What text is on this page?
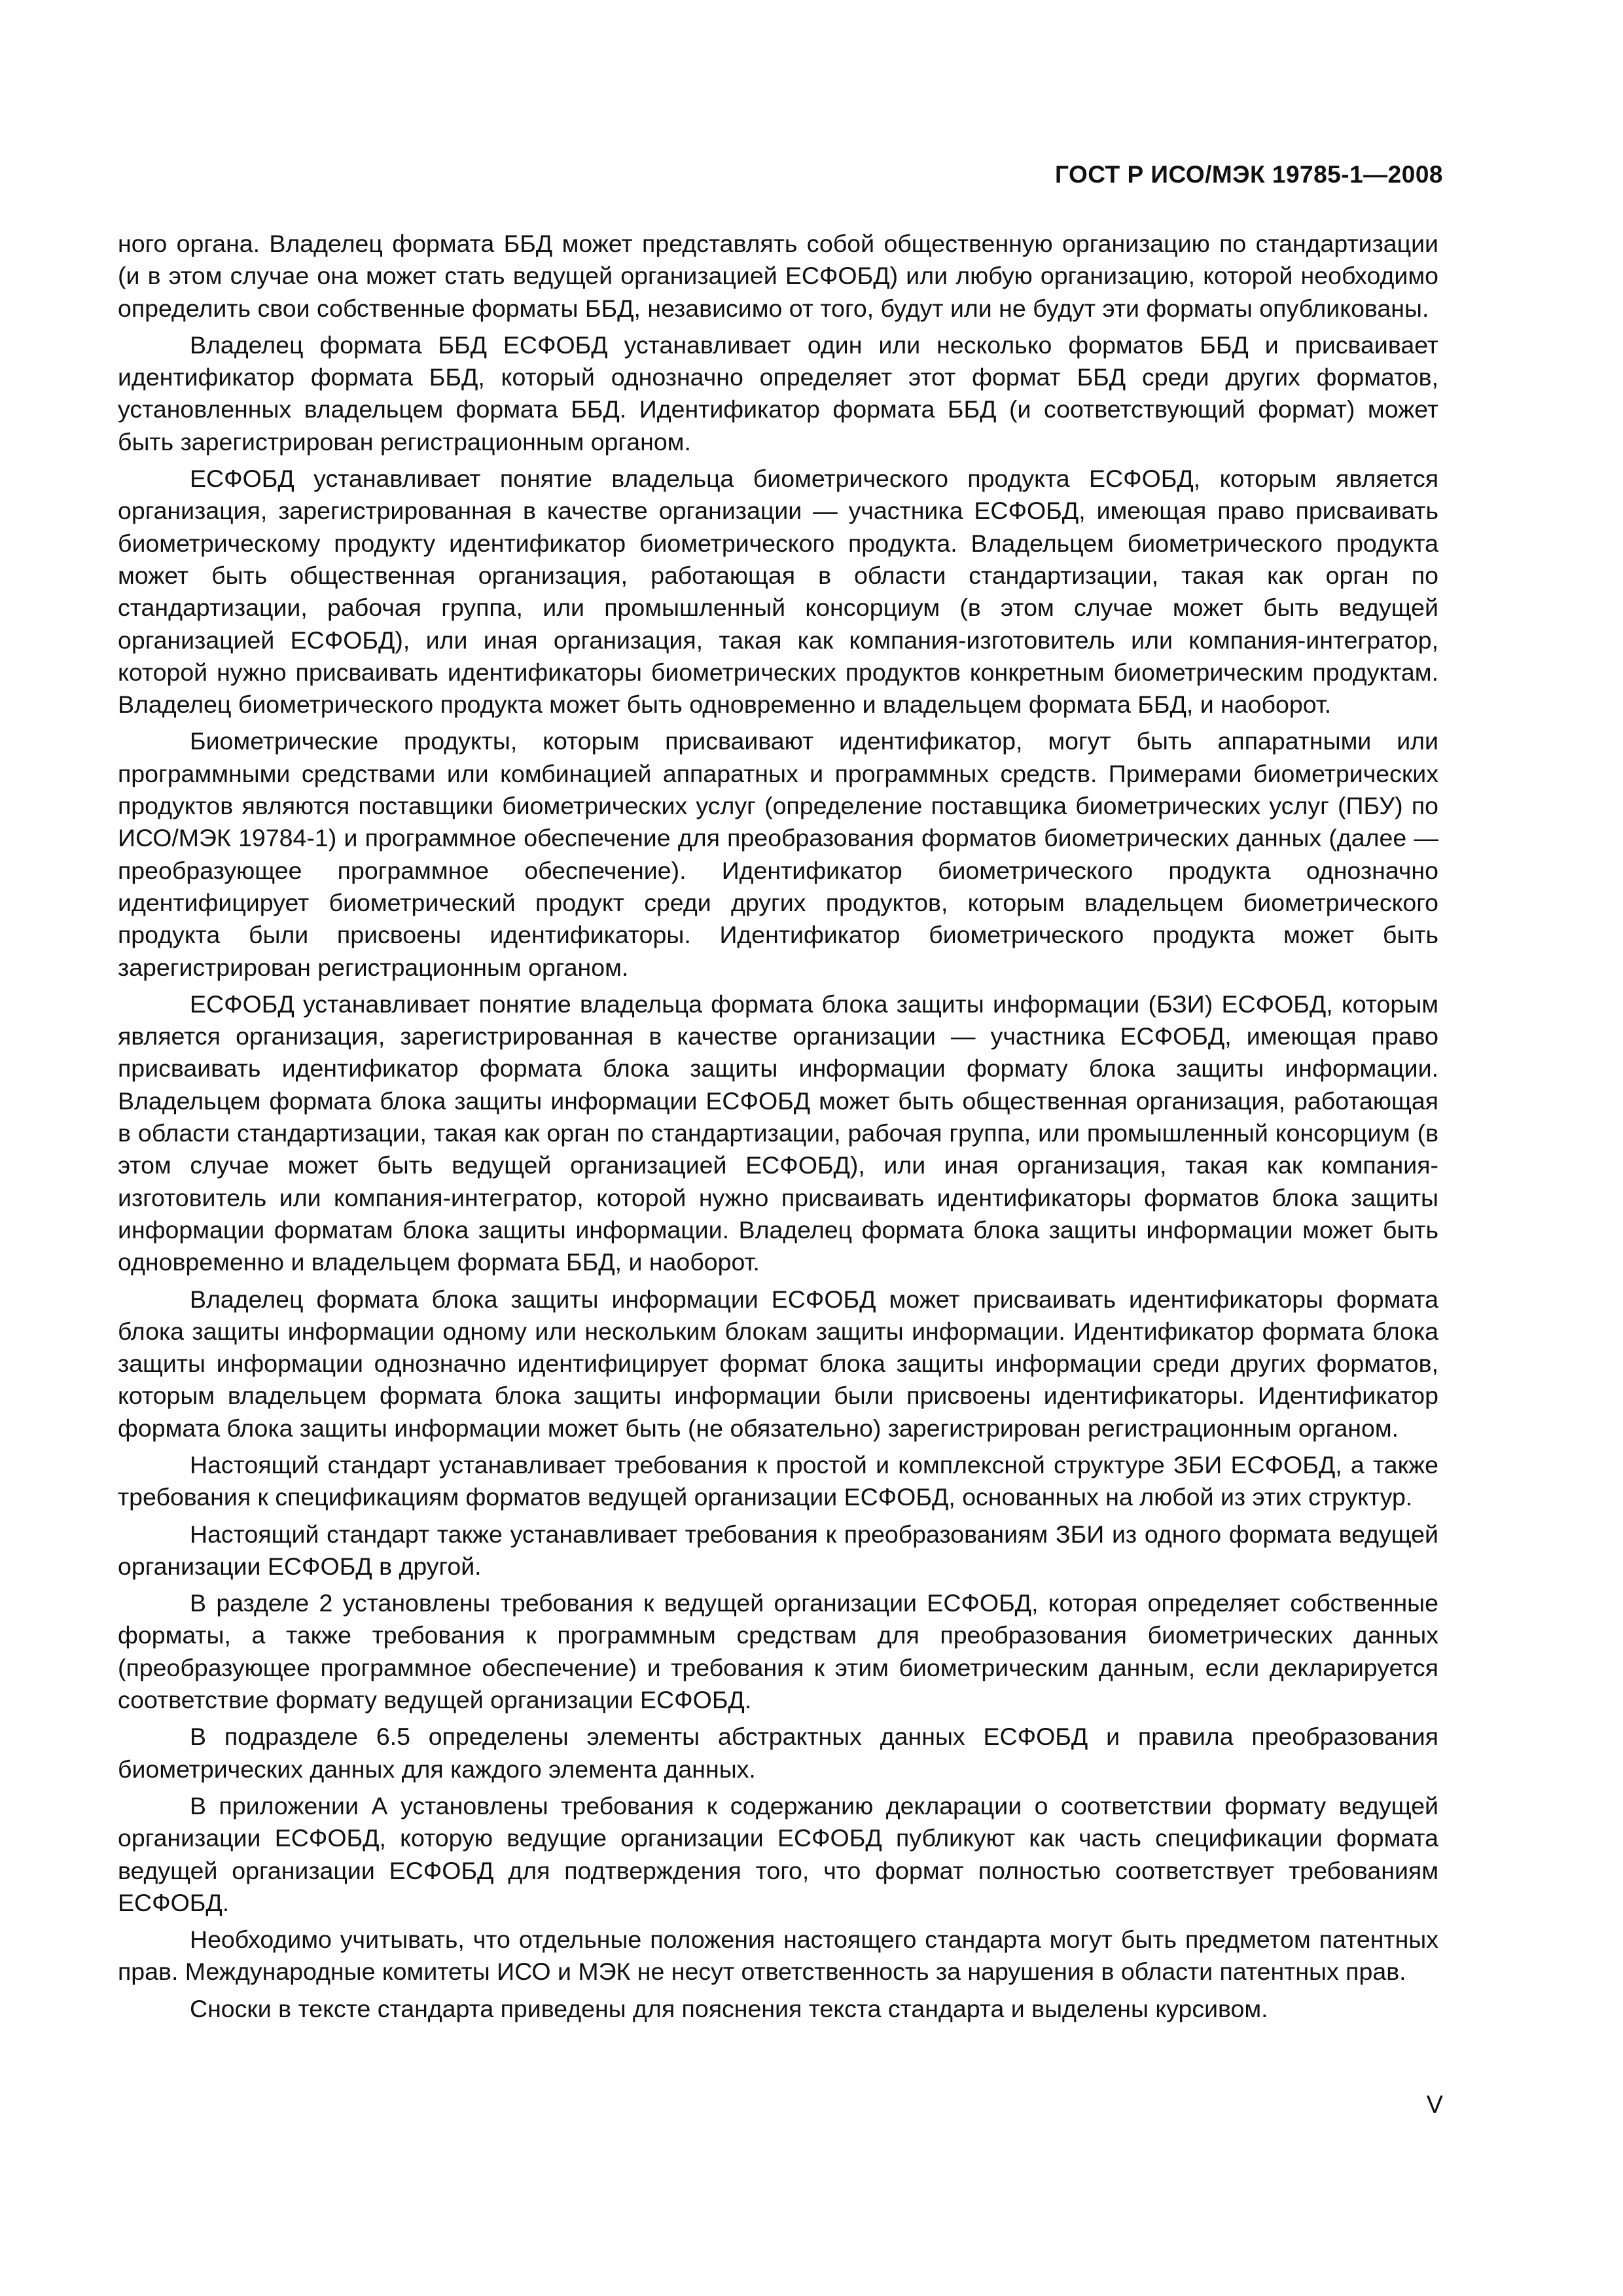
ГОСТ Р ИСО/МЭК 19785-1—2008

ного органа. Владелец формата ББД может представлять собой общественную организацию по стандартизации (и в этом случае она может стать ведущей организацией ЕСФОБД) или любую организацию, которой необходимо определить свои собственные форматы ББД, независимо от того, будут или не будут эти форматы опубликованы.

Владелец формата ББД ЕСФОБД устанавливает один или несколько форматов ББД и присваивает идентификатор формата ББД, который однозначно определяет этот формат ББД среди других форматов, установленных владельцем формата ББД. Идентификатор формата ББД (и соответствующий формат) может быть зарегистрирован регистрационным органом.

ЕСФОБД устанавливает понятие владельца биометрического продукта ЕСФОБД, которым является организация, зарегистрированная в качестве организации — участника ЕСФОБД, имеющая право присваивать биометрическому продукту идентификатор биометрического продукта. Владельцем биометрического продукта может быть общественная организация, работающая в области стандартизации, такая как орган по стандартизации, рабочая группа, или промышленный консорциум (в этом случае может быть ведущей организацией ЕСФОБД), или иная организация, такая как компания-изготовитель или компания-интегратор, которой нужно присваивать идентификаторы биометрических продуктов конкретным биометрическим продуктам. Владелец биометрического продукта может быть одновременно и владельцем формата ББД, и наоборот.

Биометрические продукты, которым присваивают идентификатор, могут быть аппаратными или программными средствами или комбинацией аппаратных и программных средств. Примерами биометрических продуктов являются поставщики биометрических услуг (определение поставщика биометрических услуг (ПБУ) по ИСО/МЭК 19784-1) и программное обеспечение для преобразования форматов биометрических данных (далее — преобразующее программное обеспечение). Идентификатор биометрического продукта однозначно идентифицирует биометрический продукт среди других продуктов, которым владельцем биометрического продукта были присвоены идентификаторы. Идентификатор биометрического продукта может быть зарегистрирован регистрационным органом.

ЕСФОБД устанавливает понятие владельца формата блока защиты информации (БЗИ) ЕСФОБД, которым является организация, зарегистрированная в качестве организации — участника ЕСФОБД, имеющая право присваивать идентификатор формата блока защиты информации формату блока защиты информации. Владельцем формата блока защиты информации ЕСФОБД может быть общественная организация, работающая в области стандартизации, такая как орган по стандартизации, рабочая группа, или промышленный консорциум (в этом случае может быть ведущей организацией ЕСФОБД), или иная организация, такая как компания-изготовитель или компания-интегратор, которой нужно присваивать идентификаторы форматов блока защиты информации форматам блока защиты информации. Владелец формата блока защиты информации может быть одновременно и владельцем формата ББД, и наоборот.

Владелец формата блока защиты информации ЕСФОБД может присваивать идентификаторы формата блока защиты информации одному или нескольким блокам защиты информации. Идентификатор формата блока защиты информации однозначно идентифицирует формат блока защиты информации среди других форматов, которым владельцем формата блока защиты информации были присвоены идентификаторы. Идентификатор формата блока защиты информации может быть (не обязательно) зарегистрирован регистрационным органом.

Настоящий стандарт устанавливает требования к простой и комплексной структуре ЗБИ ЕСФОБД, а также требования к спецификациям форматов ведущей организации ЕСФОБД, основанных на любой из этих структур.

Настоящий стандарт также устанавливает требования к преобразованиям ЗБИ из одного формата ведущей организации ЕСФОБД в другой.

В разделе 2 установлены требования к ведущей организации ЕСФОБД, которая определяет собственные форматы, а также требования к программным средствам для преобразования биометрических данных (преобразующее программное обеспечение) и требования к этим биометрическим данным, если декларируется соответствие формату ведущей организации ЕСФОБД.

В подразделе 6.5 определены элементы абстрактных данных ЕСФОБД и правила преобразования биометрических данных для каждого элемента данных.

В приложении А установлены требования к содержанию декларации о соответствии формату ведущей организации ЕСФОБД, которую ведущие организации ЕСФОБД публикуют как часть спецификации формата ведущей организации ЕСФОБД для подтверждения того, что формат полностью соответствует требованиям ЕСФОБД.

Необходимо учитывать, что отдельные положения настоящего стандарта могут быть предметом патентных прав. Международные комитеты ИСО и МЭК не несут ответственность за нарушения в области патентных прав.

Сноски в тексте стандарта приведены для пояснения текста стандарта и выделены курсивом.

V
